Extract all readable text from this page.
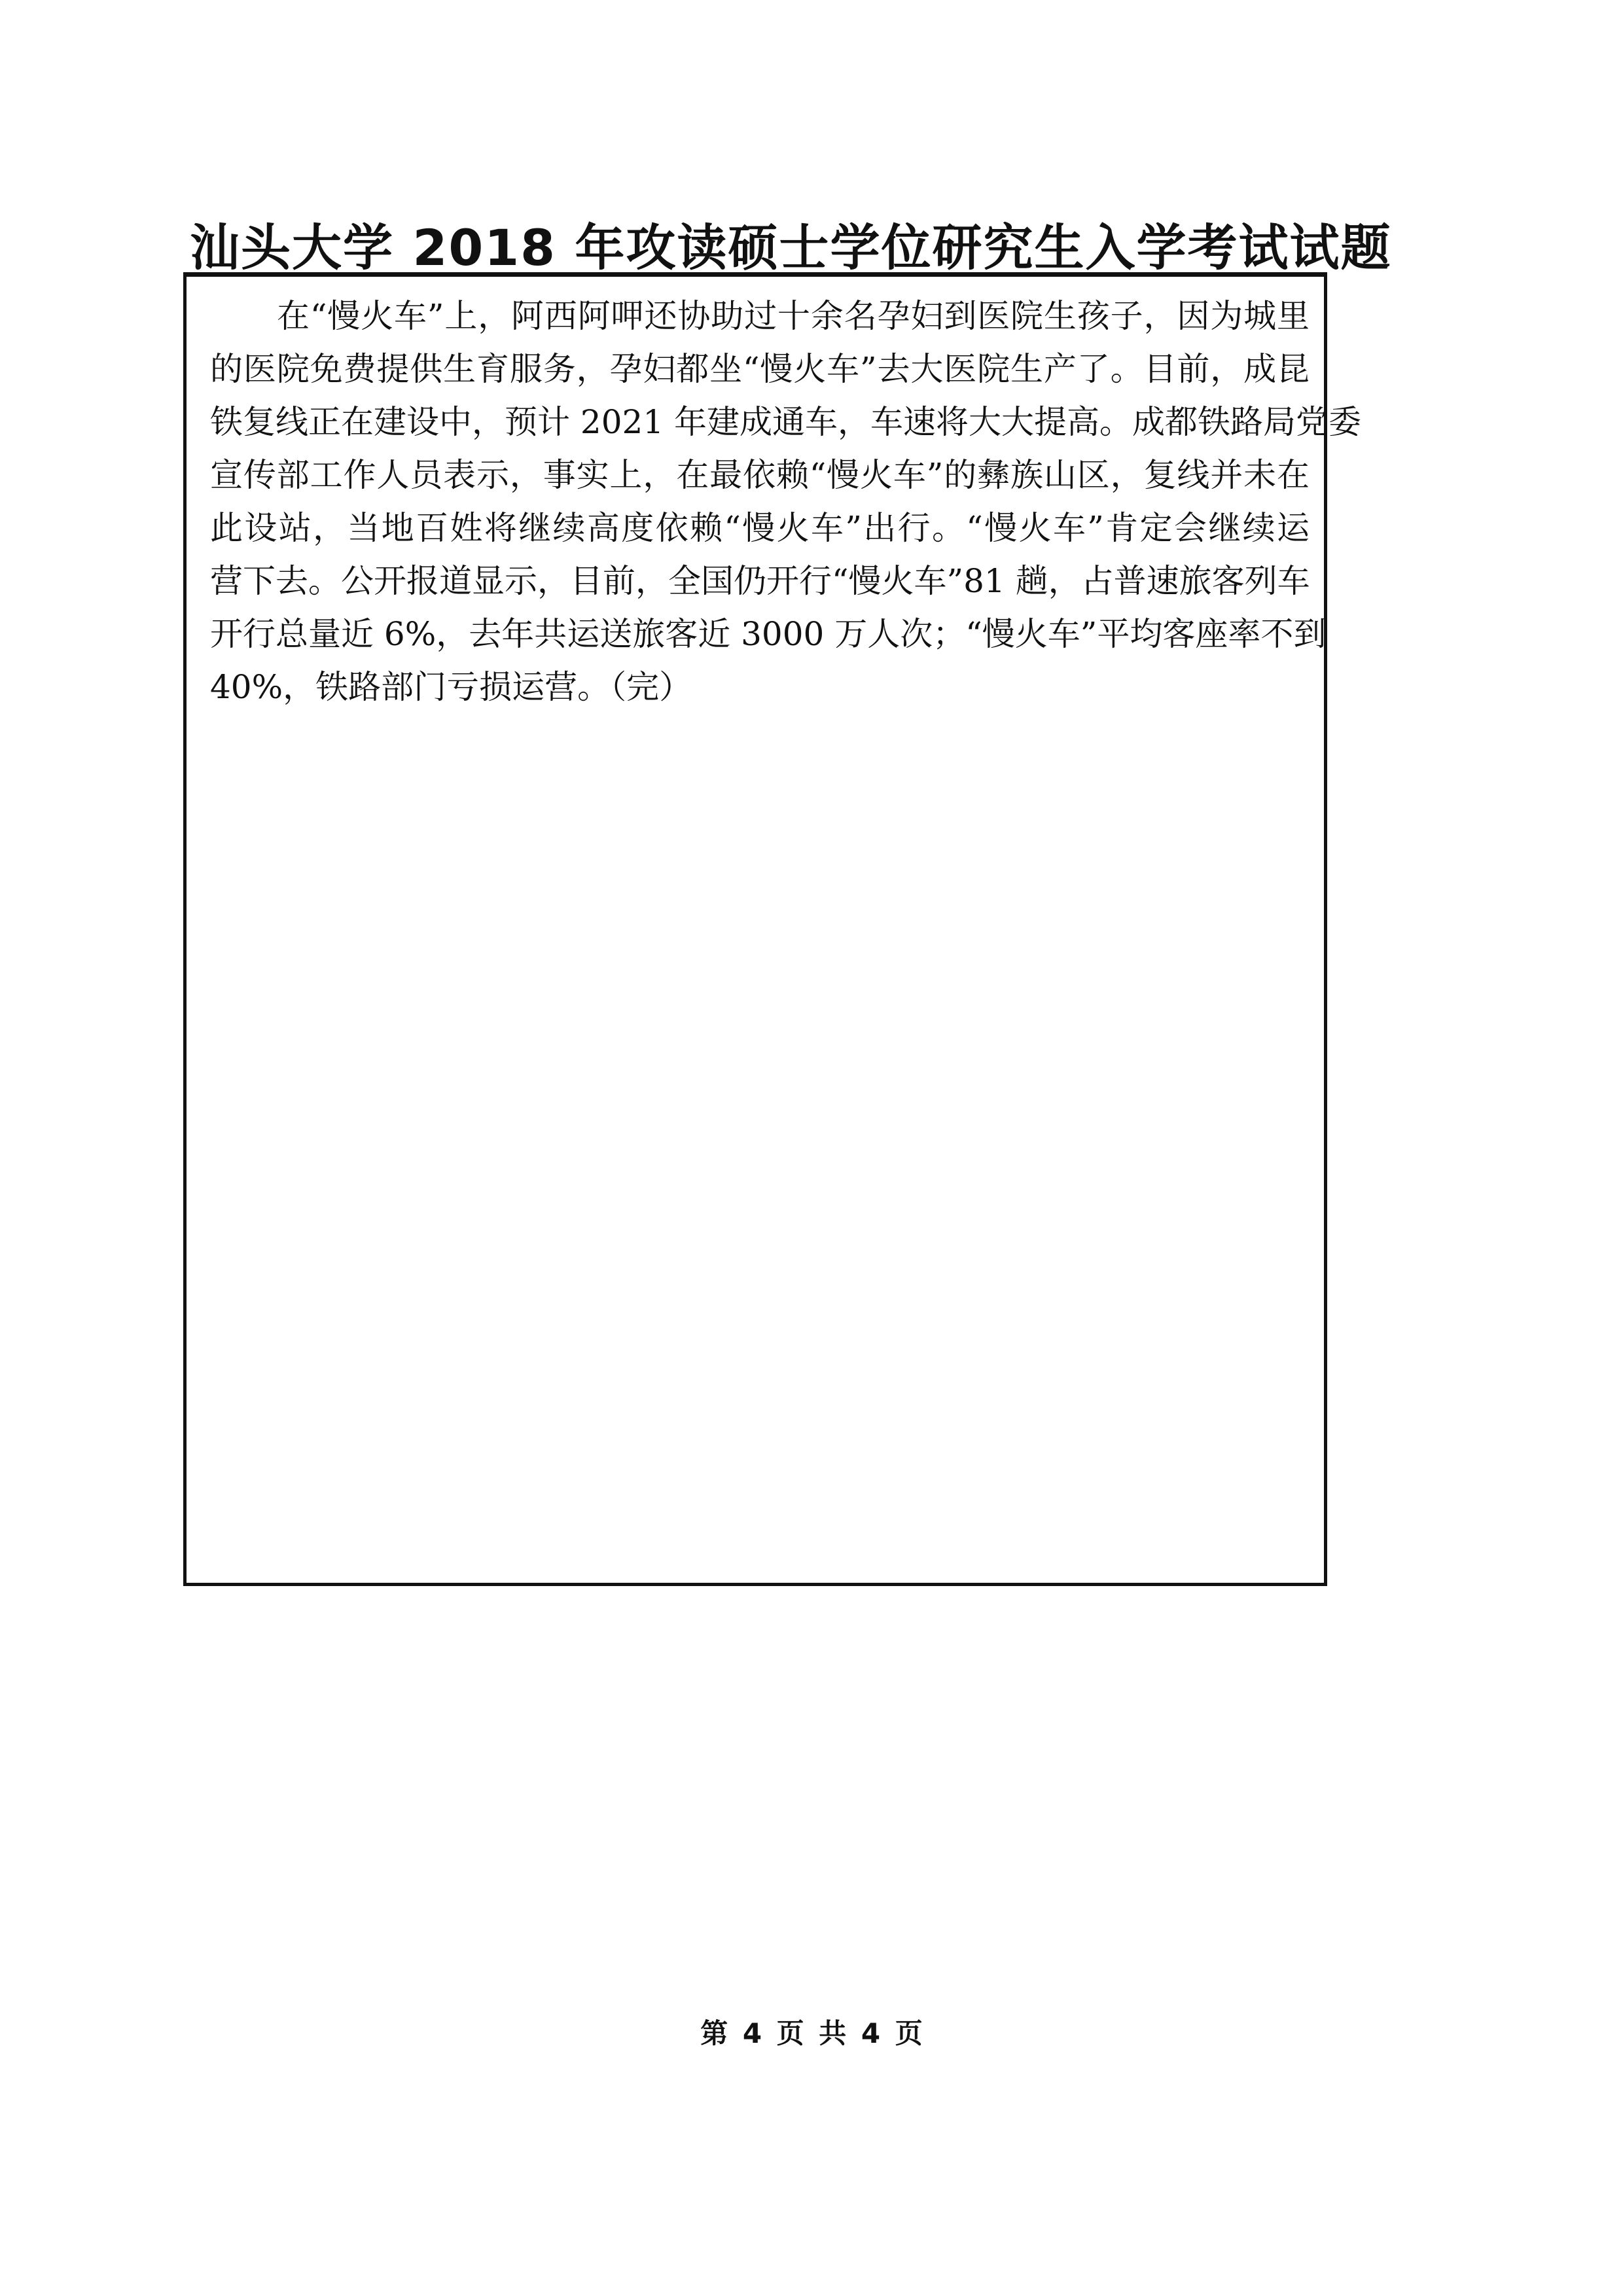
汕头大学 2018 年攻读硕士学位研究生入学考试试题
在“慢火车”上，阿西阿呷还协助过十余名孕妇到医院生孩子，因为城里
的医院免费提供生育服务，孕妇都坐“慢火车”去大医院生产了。目前，成昆
铁复线正在建设中，预计 2021 年建成通车，车速将大大提高。成都铁路局党委
宣传部工作人员表示，事实上，在最依赖“慢火车”的彝族山区，复线并未在
此设站，当地百姓将继续高度依赖“慢火车”出行。“慢火车”肯定会继续运
营下去。公开报道显示，目前，全国仍开行“慢火车”81 趟，占普速旅客列车
开行总量近 6%，去年共运送旅客近 3000 万人次；“慢火车”平均客座率不到
40%，铁路部门亏损运营。（完）
第 4 页 共 4 页
